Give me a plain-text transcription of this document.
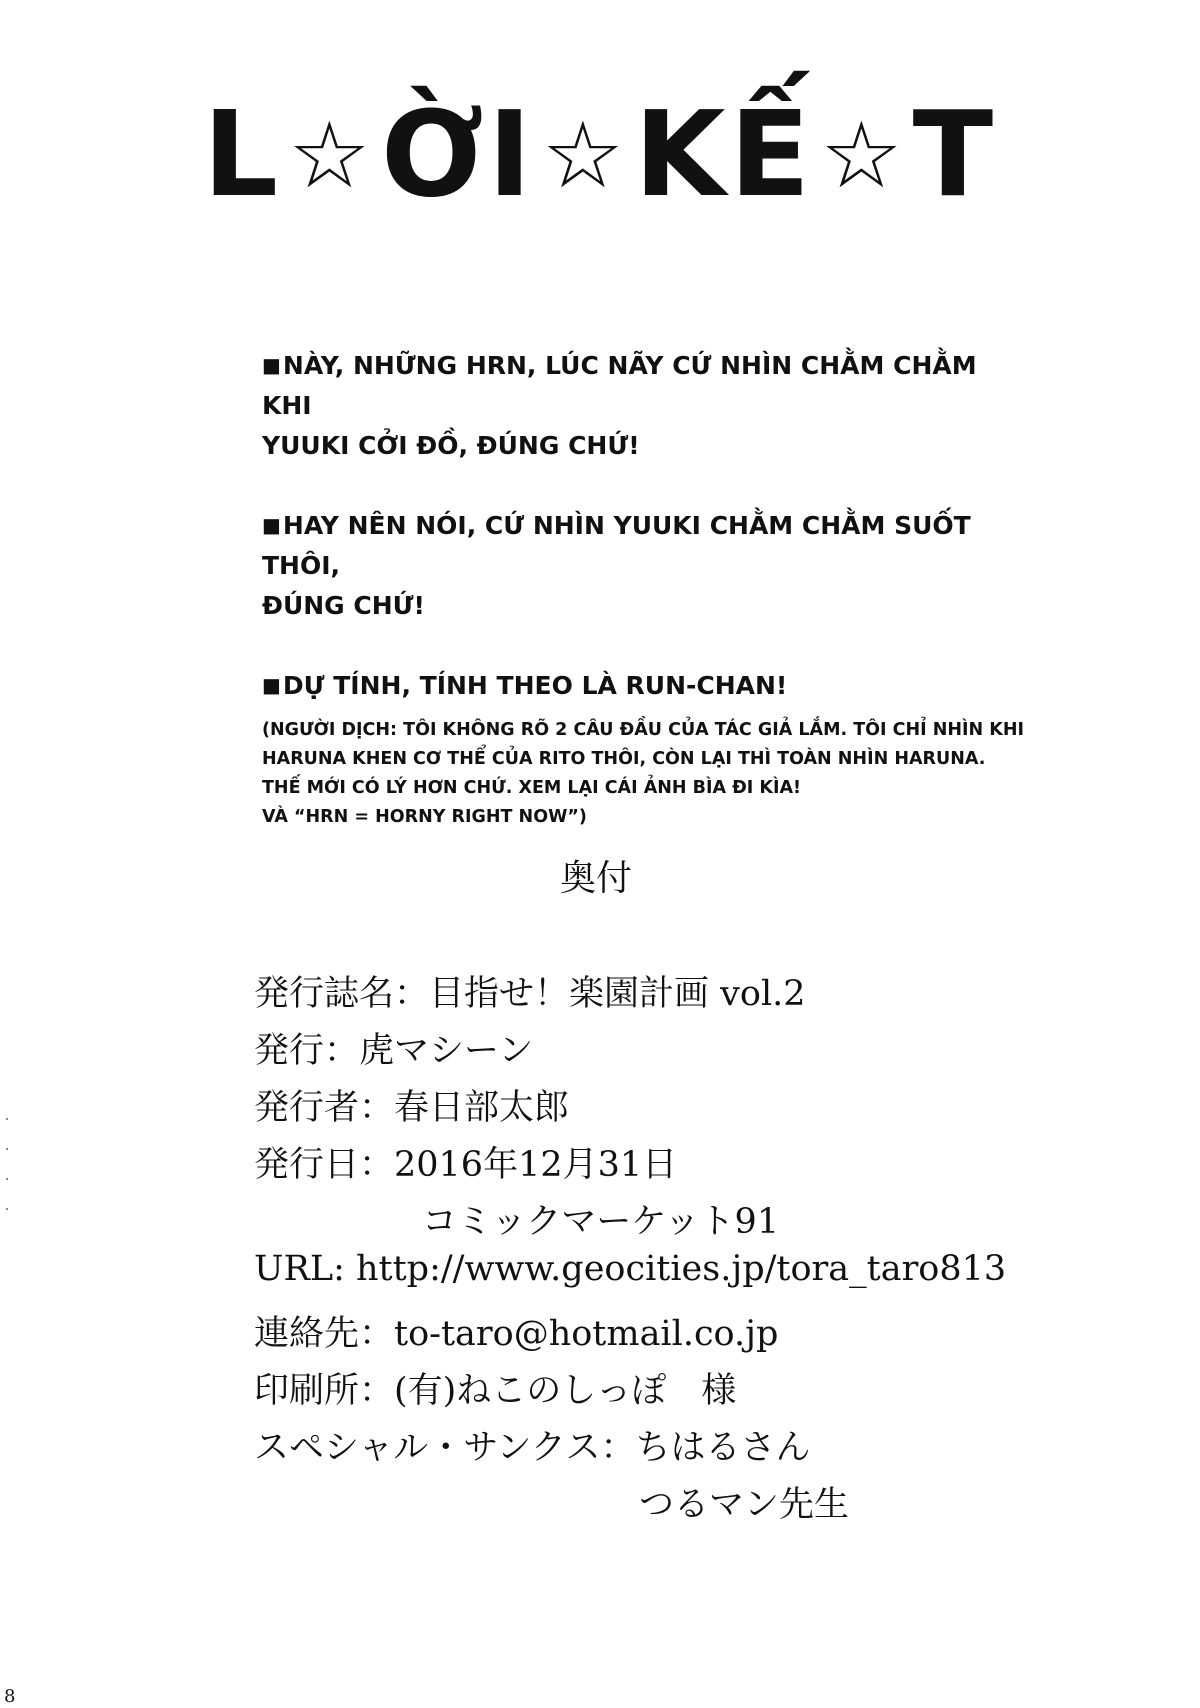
L☆ỜI☆KẾ☆T
■NÀY, NHỮNG HRN, LÚC NÃY CỨ NHÌN CHẰM CHẰM KHI
YUUKI CỞI ĐỒ, ĐÚNG CHỨ!
■HAY NÊN NÓI, CỨ NHÌN YUUKI CHẰM CHẰM SUỐT THÔI,
ĐÚNG CHỨ!
■DỰ TÍNH, TÍNH THEO LÀ RUN-CHAN!
(NGƯỜI DỊCH: TÔI KHÔNG RÕ 2 CÂU ĐẦU CỦA TÁC GIẢ LẮM. TÔI CHỈ NHÌN KHI
HARUNA KHEN CƠ THỂ CỦA RITO THÔI, CÒN LẠI THÌ TOÀN NHÌN HARUNA.
THẾ MỚI CÓ LÝ HƠN CHỨ. XEM LẠI CÁI ẢNH BÌA ĐI KÌA!
VÀ “HRN = HORNY RIGHT NOW”)
奥付
発行誌名：目指せ！楽園計画 vol.2
発行：虎マシーン
発行者：春日部太郎
発行日：2016年12月31日
コミックマーケット91
URL: http://www.geocities.jp/tora_taro813
連絡先：to-taro@hotmail.co.jp
印刷所：(有)ねこのしっぽ　様
スペシャル・サンクス：ちはるさん
つるマン先生
8
